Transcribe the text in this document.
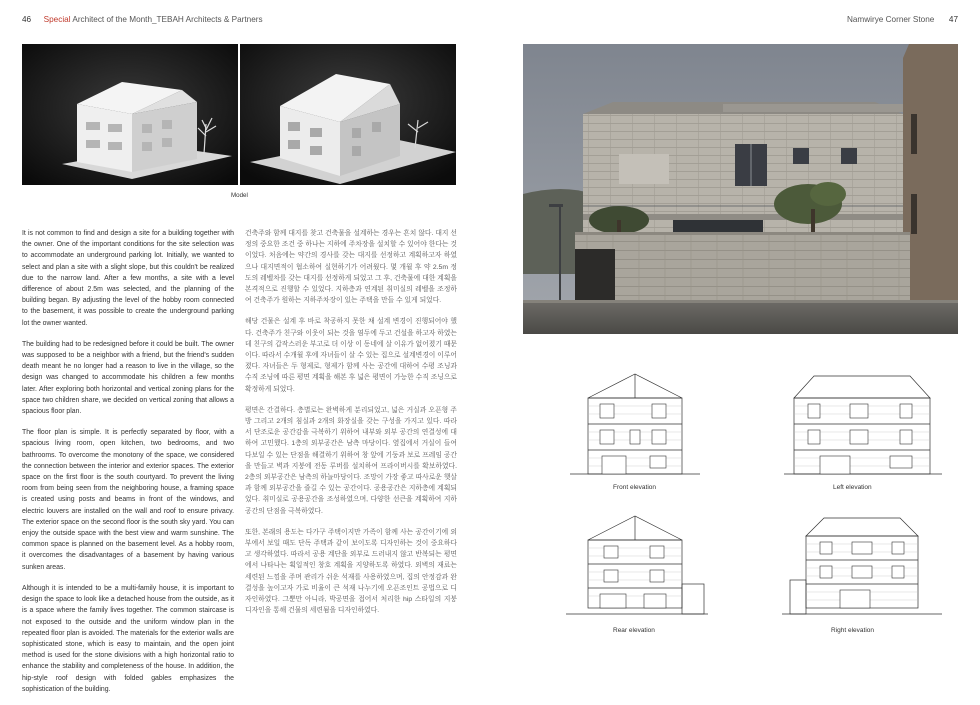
46 Special Architect of the Month_TEBAH Architects & Partners	Namwirye Corner Stone 47
Model

It is not common to find and design a site for a building together with the owner. One of the important conditions for the site selection was to accommodate an underground parking lot. Initially, we wanted to select and plan a site with a slight slope, but this couldn't be realized due to the narrow land. After a few months, a site with a level difference of about 2.5m was selected, and the planning of the building began. By adjusting the level of the hobby room connected to the basement, it was possible to create the underground parking lot the owner wanted.

The building had to be redesigned before it could be built. The owner was supposed to be a neighbor with a friend, but the friend's sudden death meant he no longer had a reason to live in the village, so the design was changed to accommodate his children a few months later. After exploring both horizontal and vertical zoning plans for the space two children share, we decided on vertical zoning that allows a spacious floor plan.

The floor plan is simple. It is perfectly separated by floor, with a spacious living room, open kitchen, two bedrooms, and two bathrooms. To overcome the monotony of the space, we considered the connection between the interior and exterior spaces. The exterior space on the first floor is the south courtyard. To prevent the living room from being seen from the neighboring house, a framing space is created using posts and beams in front of the windows, and electric louvers are installed on the wall and roof to ensure privacy. The exterior space on the second floor is the south sky yard. You can enjoy the outside space with the best view and warm sunshine. The common space is planned on the basement level. As a hobby room, it overcomes the disadvantages of a basement by having various sunken areas.

Although it is intended to be a multi-family house, it is important to design the space to look like a detached house from the outside, as it is a space where the family lives together. The common staircase is not exposed to the outside and the uniform window plan in the repeated floor plan is avoided. The materials for the exterior walls are sophisticated stone, which is easy to maintain, and the open joint method is used for the stone divisions with a high horizontal ratio to enhance the stability and completeness of the house. In addition, the hip-style roof design with folded gables emphasizes the sophistication of the building.

건축주와 함께 대지를 찾고 건축물을 설계하는 경우는 흔치 않다. 대지 선정의 중요한 조건 중 하나는 지하에 주차장을 설치할 수 있어야 한다는 것이었다. 처음에는 약간의 경사를 갖는 대지를 선정하고 계획하고자 하였으나 대지면적이 협소하여 실현하기가 어려웠다. 몇 개월 후 약 2.5m 정도의 레벨차를 갖는 대지를 선정하게 되었고 그 후, 건축물에 대한 계획을 본격적으로 진행할 수 있었다. 지하층과 연계된 취미실의 레벨을 조정하여 건축주가 원하는 지하주차장이 있는 주택을 만들 수 있게 되었다.

해당 건물은 설계 후 바로 착공하지 못한 채 설계 변경이 진행되어야 했다. 건축주가 친구와 이웃이 되는 것을 염두에 두고 건설을 하고자 하였는데 친구의 갑작스러운 부고로 더 이상 이 동네에 살 이유가 없어졌기 때문이다. 따라서 수개월 후에 자녀들이 살 수 있는 집으로 설계변경이 이루어졌다. 자녀들은 두 형제로, 형제가 함께 사는 공간에 대하여 수평 조닝과 수직 조닝에 따른 평면 계획을 해본 후 넓은 평면이 가능한 수직 조닝으로 확정하게 되었다.

평면은 간결하다. 층별로는 완벽하게 분리되었고, 넓은 거실과 오픈형 주방 그리고 2개의 침실과 2개의 화장실을 갖는 구성을 가지고 있다. 따라서 단조로운 공간감을 극복하기 위하여 내부와 외부 공간의 연결성에 대하여 고민했다. 1층의 외부공간은 남측 마당이다. 옆집에서 거실이 들여다보일 수 있는 단점을 해결하기 위하여 창 앞에 기둥과 보로 프레임 공간을 만들고 벽과 지붕에 전동 루버를 설치하여 프라이버시를 확보하였다. 2층의 외부공간은 남측의 하늘마당이다. 조망이 가장 좋고 따사로운 햇살과 함께 외부공간을 즐길 수 있는 공간이다. 공용공간은 지하층에 계획되었다. 취미실로 공용공간을 조성하였으며, 다양한 선큰을 계획하여 지하공간의 단점을 극복하였다.

또한, 본래의 용도는 다가구 주택이지만 가족이 함께 사는 공간이기에 외부에서 보일 때도 단독 주택과 같이 보이도록 디자인하는 것이 중요하다고 생각하였다. 따라서 공용 계단을 외부로 드러내지 않고 반복되는 평면에서 나타나는 획일적인 창호 계획을 지양하도록 하였다. 외벽의 재료는 세련된 느낌을 주며 관리가 쉬운 석재를 사용하였으며, 집의 안정감과 완결성을 높이고자 가로 비율이 큰 석재 나누기에 오픈조인트 공법으로 디자인하였다. 그뿐만 아니라, 박공면을 접어서 처리한 hip 스타일의 지붕 디자인을 통해 건물의 세련됨을 디자인하였다.

Front elevation	Left elevation
Rear elevation	Right elevation
